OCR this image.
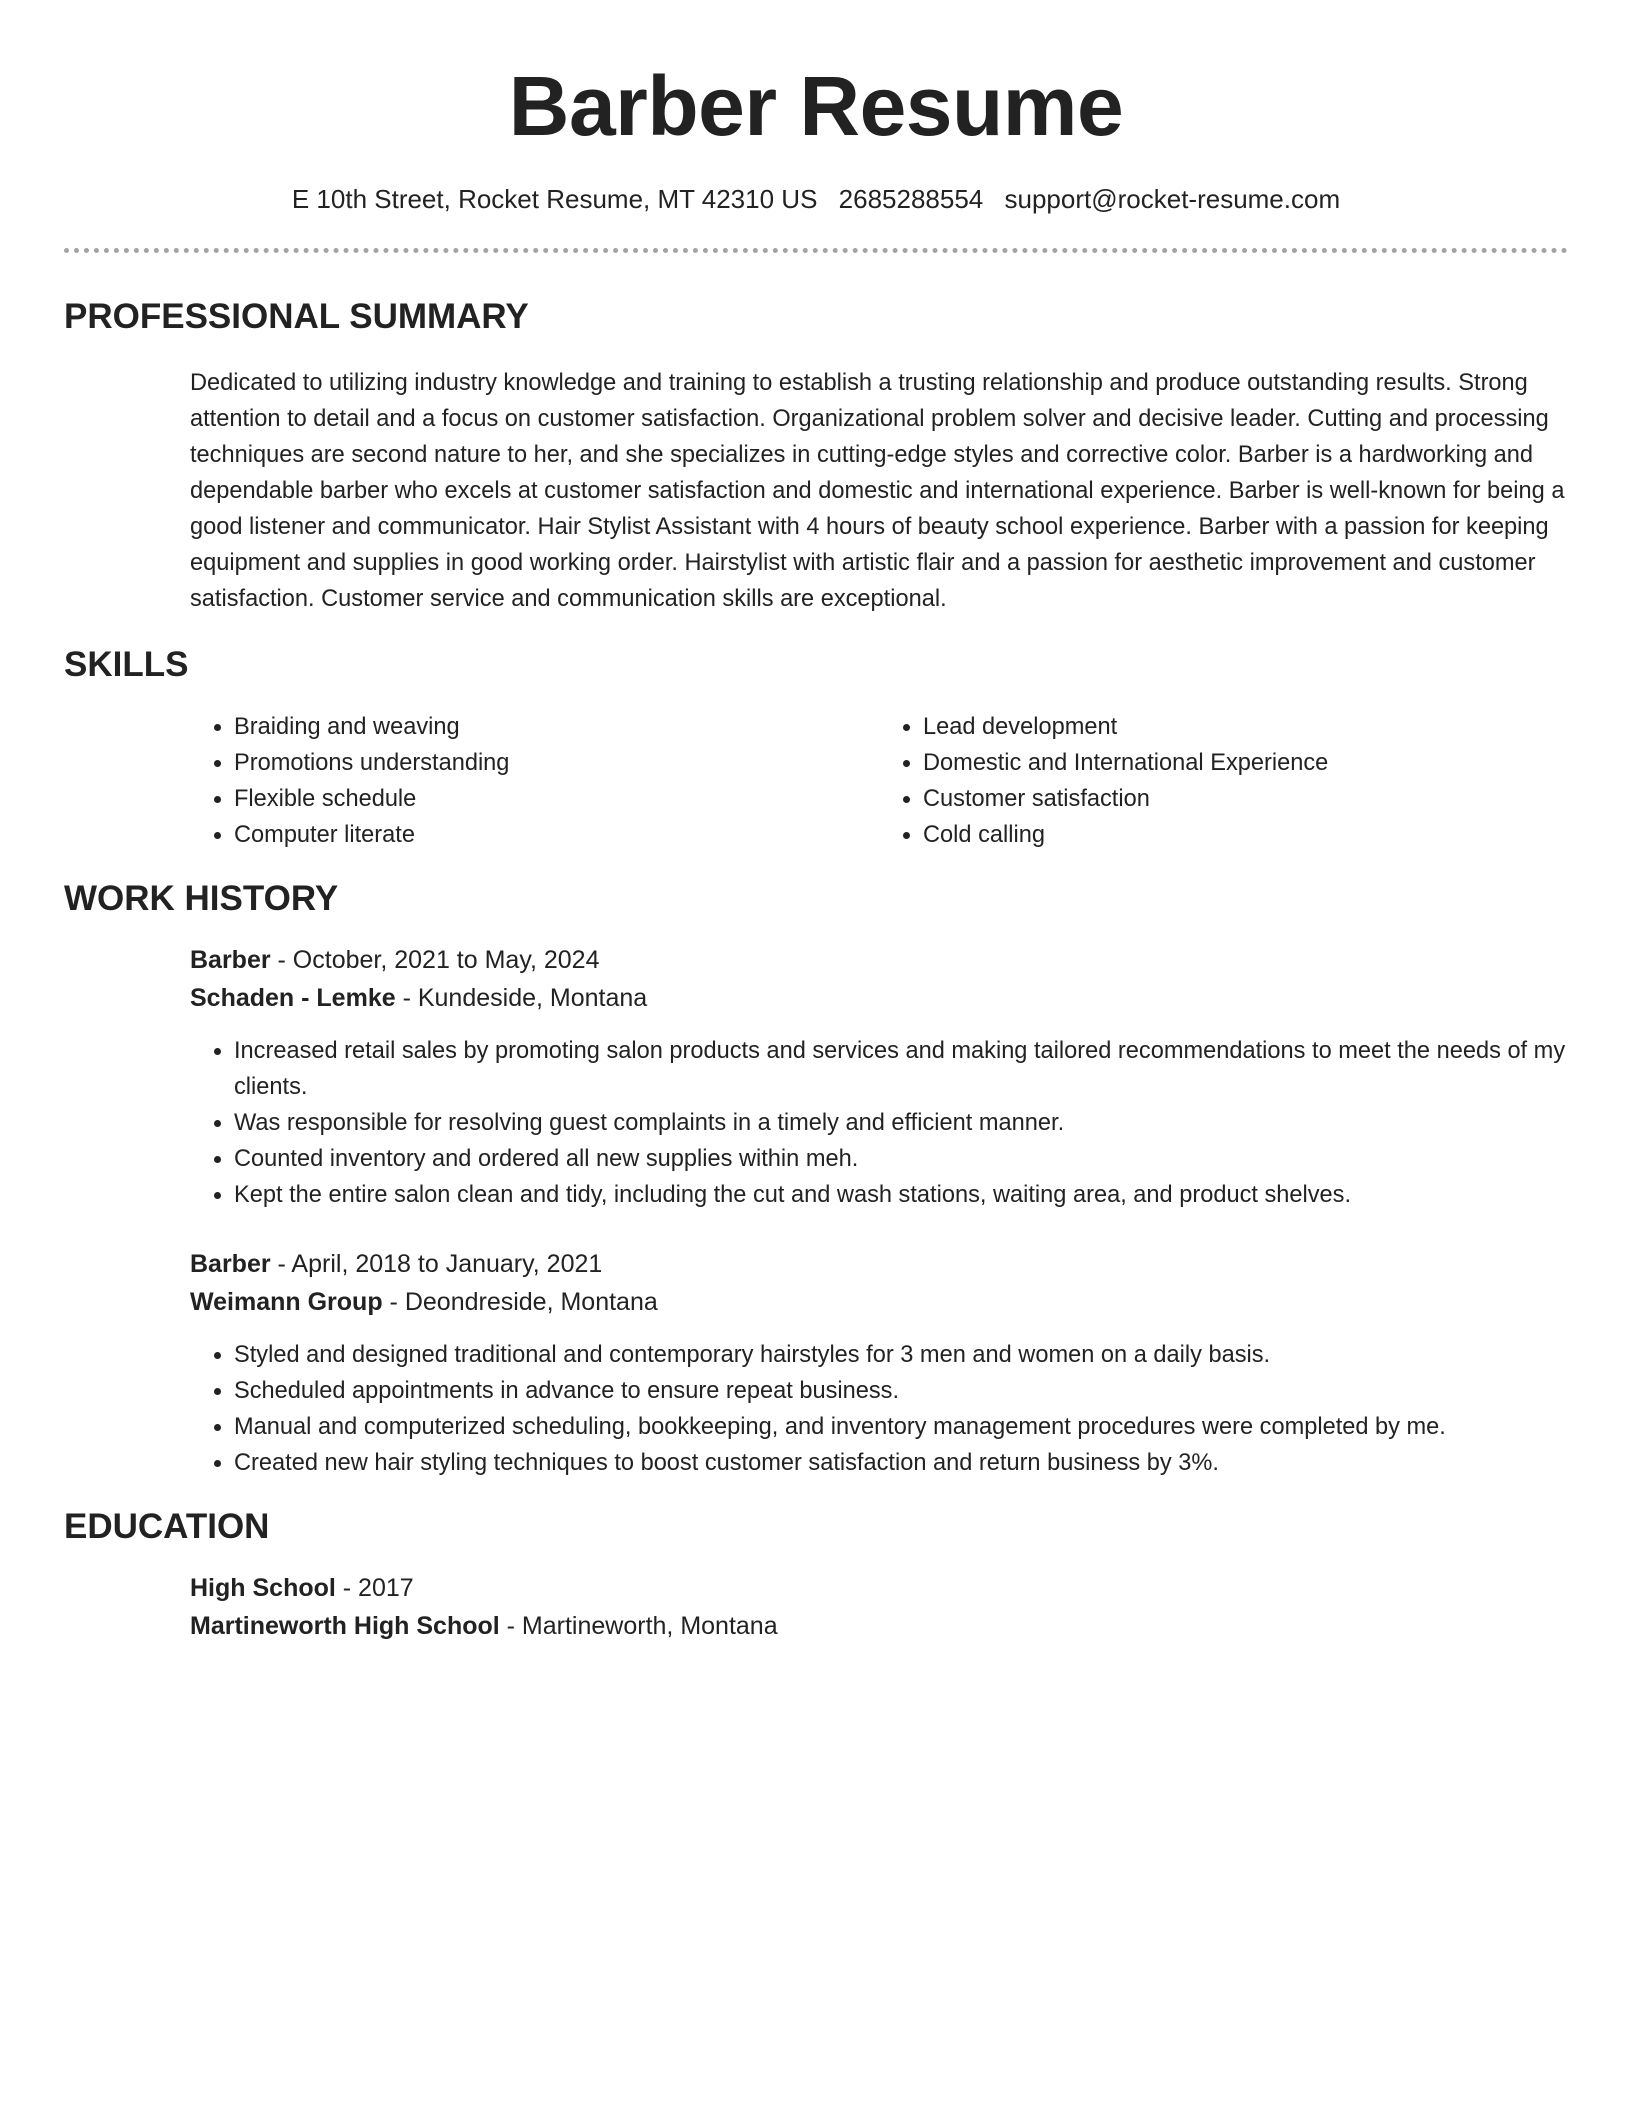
Barber Resume
E 10th Street, Rocket Resume, MT 42310 US 2685288554 support@rocket-resume.com
PROFESSIONAL SUMMARY

Dedicated to utilizing industry knowledge and training to establish a trusting relationship and produce outstanding results. Strong attention to detail and a focus on customer satisfaction. Organizational problem solver and decisive leader. Cutting and processing techniques are second nature to her, and she specializes in cutting-edge styles and corrective color. Barber is a hardworking and dependable barber who excels at customer satisfaction and domestic and international experience. Barber is well-known for being a good listener and communicator. Hair Stylist Assistant with 4 hours of beauty school experience. Barber with a passion for keeping equipment and supplies in good working order. Hairstylist with artistic flair and a passion for aesthetic improvement and customer satisfaction. Customer service and communication skills are exceptional.

SKILLS
• Braiding and weaving
• Promotions understanding
• Flexible schedule
• Computer literate
• Lead development
• Domestic and International Experience
• Customer satisfaction
• Cold calling
WORK HISTORY
Barber - October, 2021 to May, 2024
Schaden - Lemke - Kundeside, Montana
• Increased retail sales by promoting salon products and services and making tailored recommendations to meet the needs of my clients.
• Was responsible for resolving guest complaints in a timely and efficient manner.
• Counted inventory and ordered all new supplies within meh.
• Kept the entire salon clean and tidy, including the cut and wash stations, waiting area, and product shelves.
Barber - April, 2018 to January, 2021
Weimann Group - Deondreside, Montana
• Styled and designed traditional and contemporary hairstyles for 3 men and women on a daily basis.
• Scheduled appointments in advance to ensure repeat business.
• Manual and computerized scheduling, bookkeeping, and inventory management procedures were completed by me.
• Created new hair styling techniques to boost customer satisfaction and return business by 3%.
EDUCATION
High School - 2017
Martineworth High School - Martineworth, Montana
